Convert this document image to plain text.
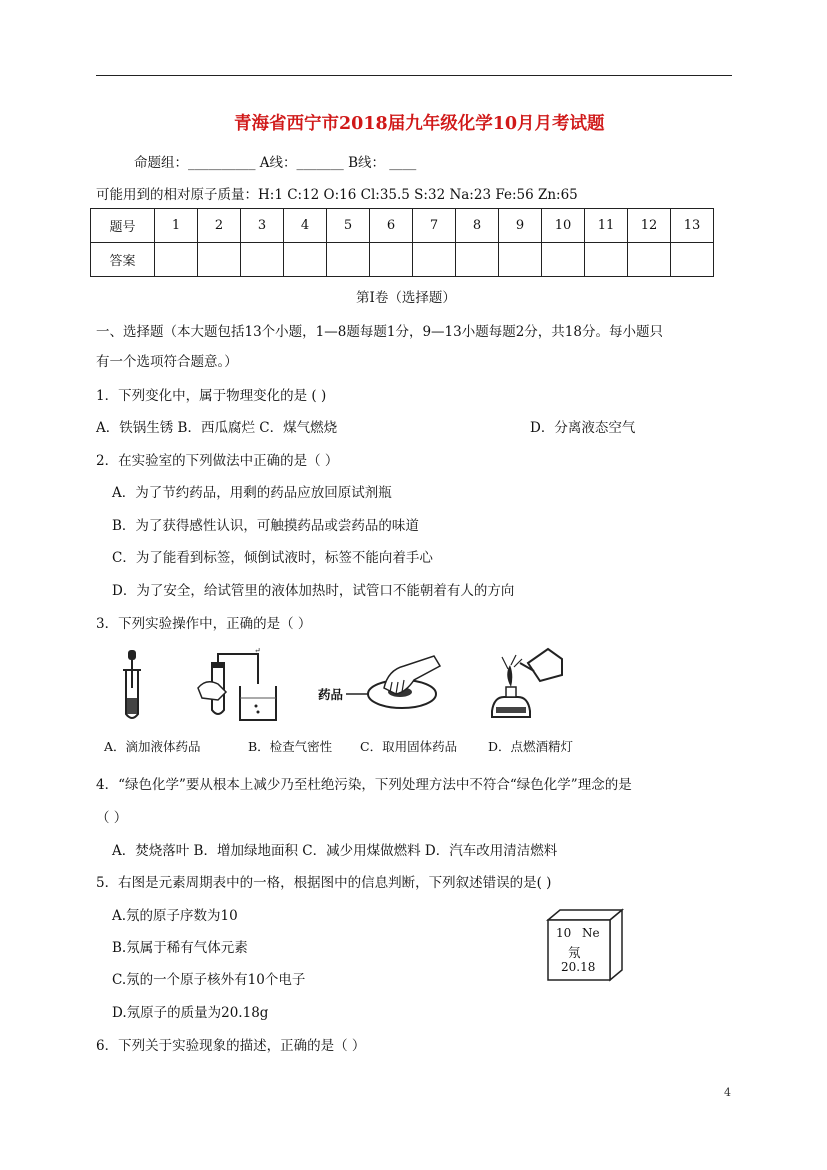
青海省西宁市2018届九年级化学10月月考试题
命题组：__________ A线：_______ B线： ____
可能用到的相对原子质量：H:1 C:12 O:16 Cl:35.5 S:32 Na:23 Fe:56 Zn:65
题号	1	2	3	4	5	6	7	8	9	10	11	12	13
答案													
第Ⅰ卷（选择题）
一、选择题（本大题包括13个小题，1—8题每题1分，9—13小题每题2分，共18分。每小题只
有一个选项符合题意。）
1．下列变化中，属于物理变化的是 ( )
A．铁锅生锈 B．西瓜腐烂 C．煤气燃烧	D．分离液态空气
2．在实验室的下列做法中正确的是（ ）
A．为了节约药品，用剩的药品应放回原试剂瓶
B．为了获得感性认识，可触摸药品或尝药品的味道
C．为了能看到标签，倾倒试液时，标签不能向着手心
D．为了安全，给试管里的液体加热时，试管口不能朝着有人的方向
3．下列实验操作中，正确的是（ ）
↵
药品
A．滴加液体药品	B．检查气密性 C．取用固体药品 D．点燃酒精灯
4．“绿色化学”要从根本上减少乃至杜绝污染，下列处理方法中不符合“绿色化学”理念的是
（ ）
A．焚烧落叶 B．增加绿地面积 C．减少用煤做燃料 D．汽车改用清洁燃料
5．右图是元素周期表中的一格，根据图中的信息判断，下列叙述错误的是( )
A.氖的原子序数为10
B.氖属于稀有气体元素
C.氖的一个原子核外有10个电子
D.氖原子的质量为20.18g
10 Ne
氖
20.18
6．下列关于实验现象的描述，正确的是（ ）
4
